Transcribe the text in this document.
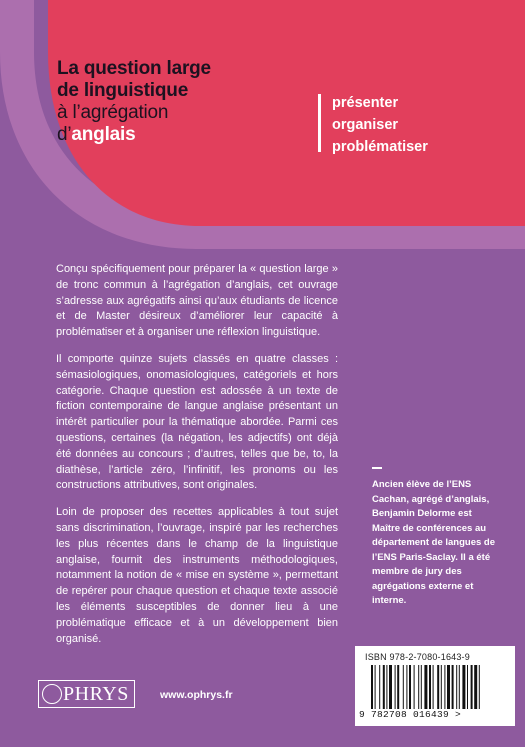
La question large
de linguistique
à l’agrégation
d’anglais
présenter
organiser
problématiser

Conçu spécifiquement pour préparer la « question large » de tronc commun à l’agrégation d’anglais, cet ouvrage s’adresse aux agrégatifs ainsi qu’aux étudiants de licence et de Master désireux d’améliorer leur capacité à problématiser et à organiser une réflexion linguistique.

Il comporte quinze sujets classés en quatre classes : sémasiologiques, onomasiologiques, catégoriels et hors catégorie. Chaque question est adossée à un texte de fiction contemporaine de langue anglaise présentant un intérêt particulier pour la thématique abordée. Parmi ces questions, certaines (la négation, les adjectifs) ont déjà été données au concours ; d’autres, telles que be, to, la diathèse, l’article zéro, l’infinitif, les pronoms ou les constructions attributives, sont originales.

Loin de proposer des recettes applicables à tout sujet sans discrimination, l’ouvrage, inspiré par les recherches les plus récentes dans le champ de la linguistique anglaise, fournit des instruments méthodologiques, notamment la notion de « mise en système », permettant de repérer pour chaque question et chaque texte associé les éléments susceptibles de donner lieu à une problématique efficace et à un développement bien organisé.

Ancien élève de l’ENS Cachan, agrégé d’anglais, Benjamin Delorme est Maître de conférences au département de langues de l’ENS Paris-Saclay. Il a été membre de jury des agrégations externe et interne.
PHRYS	www.ophrys.fr
ISBN 978-2-7080-1643-9
9 782708 016439 >
